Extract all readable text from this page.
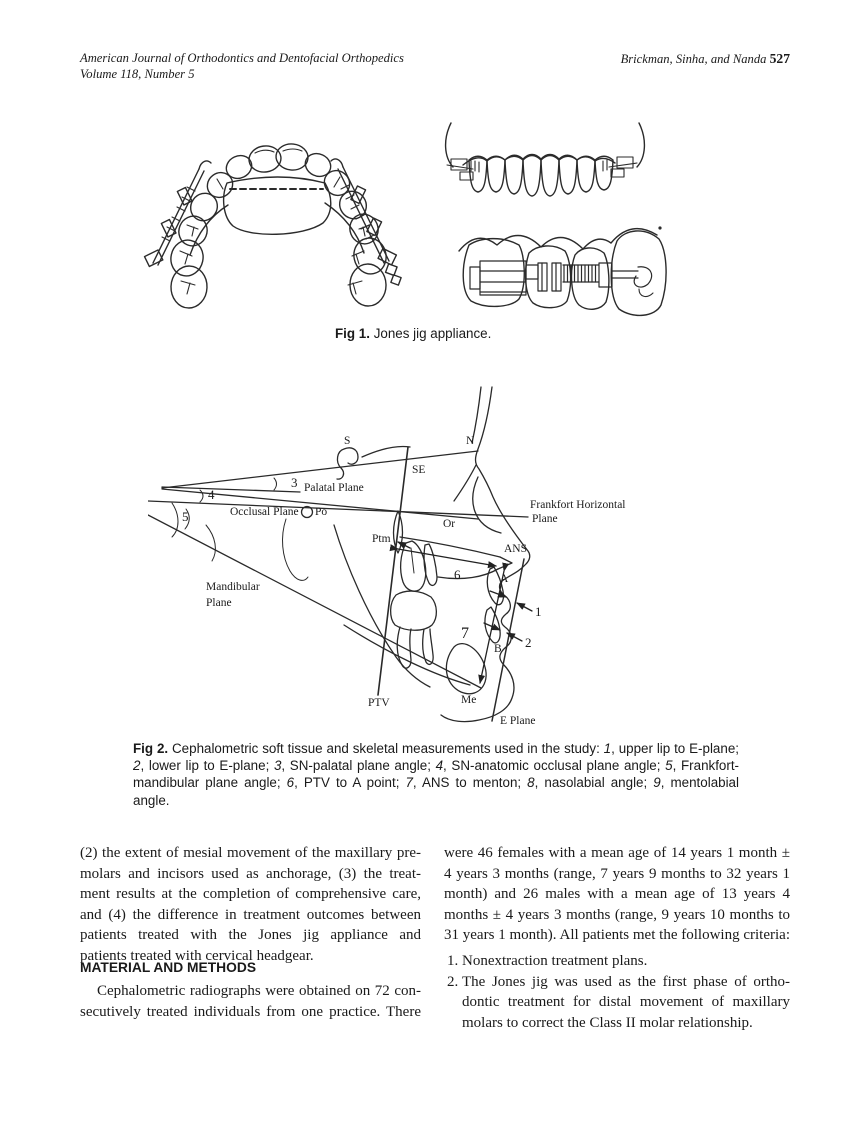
American Journal of Orthodontics and Dentofacial Orthopedics
Volume 118, Number 5
Brickman, Sinha, and Nanda 527
Fig 1. Jones jig appliance.
S	N
SE
3 Palatal Plane
4
Occlusal Plane
5	Po
Or
Frankfort Horizontal
Plane
Ptm
ANS
6	A
7
B
1
2
Mandibular
Plane
PTV	Me
E Plane
Fig 2. Cephalometric soft tissue and skeletal measurements used in the study: 1, upper lip to E-plane; 2, lower lip to E-plane; 3, SN-palatal plane angle; 4, SN-anatomic occlusal plane angle; 5, Frankfort-mandibular plane angle; 6, PTV to A point; 7, ANS to menton; 8, nasolabial angle; 9, mentolabial angle.
(2) the extent of mesial movement of the maxillary pre-
molars and incisors used as anchorage, (3) the treat-
ment results at the completion of comprehensive care,
and (4) the difference in treatment outcomes between
patients treated with the Jones jig appliance and
patients treated with cervical headgear.
MATERIAL AND METHODS
Cephalometric radiographs were obtained on 72 con-
secutively treated individuals from one practice. There
were 46 females with a mean age of 14 years 1 month ±
4 years 3 months (range, 7 years 9 months to 32 years 1
month) and 26 males with a mean age of 13 years 4
months ± 4 years 3 months (range, 9 years 10 months to
31 years 1 month). All patients met the following criteria:
1. Nonextraction treatment plans.
2. The Jones jig was used as the first phase of ortho-
dontic treatment for distal movement of maxillary
molars to correct the Class II molar relationship.
